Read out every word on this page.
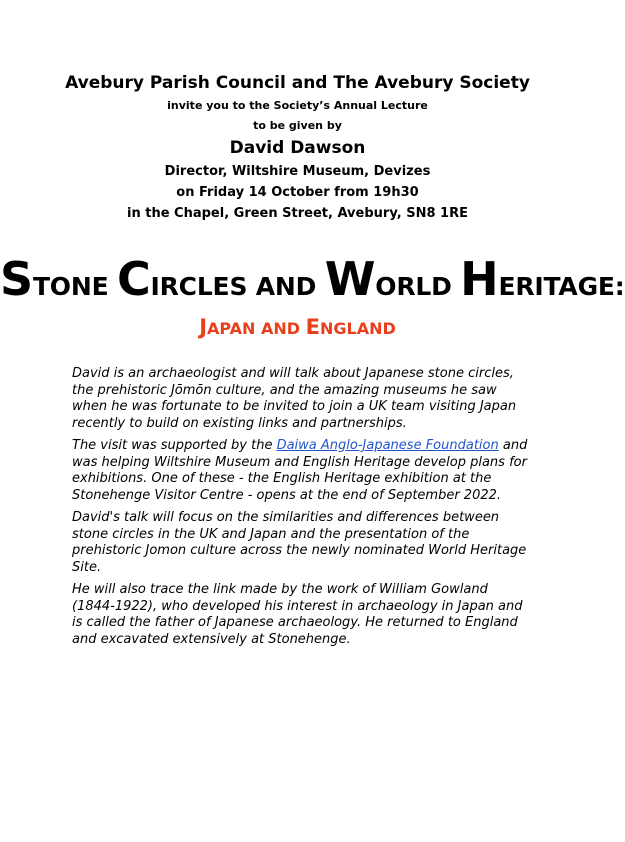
Avebury Parish Council and The Avebury Society
invite you to the Society’s Annual Lecture
to be given by
David Dawson
Director, Wiltshire Museum, Devizes
on Friday 14 October from 19h30
in the Chapel, Green Street, Avebury, SN8 1RE
STONE CIRCLES AND WORLD HERITAGE:
JAPAN AND ENGLAND

David is an archaeologist and will talk about Japanese stone circles, the prehistoric Jōmōn culture, and the amazing museums he saw when he was fortunate to be invited to join a UK team visiting Japan recently to build on existing links and partnerships.

The visit was supported by the Daiwa Anglo-Japanese Foundation and was helping Wiltshire Museum and English Heritage develop plans for exhibitions. One of these - the English Heritage exhibition at the Stonehenge Visitor Centre - opens at the end of September 2022.

David's talk will focus on the similarities and differences between stone circles in the UK and Japan and the presentation of the prehistoric Jomon culture across the newly nominated World Heritage Site.

He will also trace the link made by the work of William Gowland (1844-1922), who developed his interest in archaeology in Japan and is called the father of Japanese archaeology. He returned to England and excavated extensively at Stonehenge.
